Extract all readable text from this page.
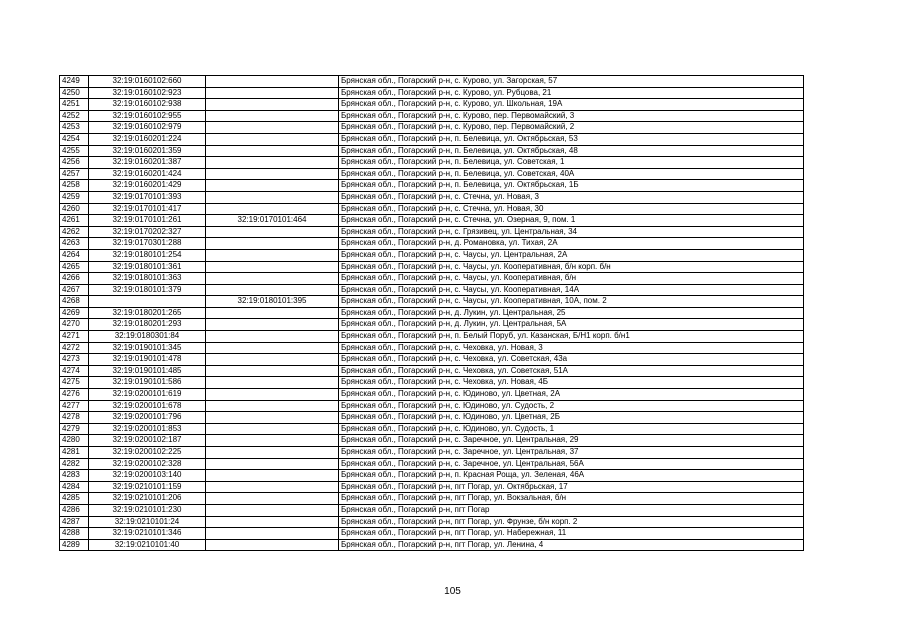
4249	32:19:0160102:660		Брянская обл., Погарский р-н, с. Курово, ул. Загорская, 57
4250	32:19:0160102:923		Брянская обл., Погарский р-н, с. Курово, ул. Рубцова, 21
4251	32:19:0160102:938		Брянская обл., Погарский р-н, с. Курово, ул. Школьная, 19А
4252	32:19:0160102:955		Брянская обл., Погарский р-н, с. Курово, пер. Первомайский, 3
4253	32:19:0160102:979		Брянская обл., Погарский р-н, с. Курово, пер. Первомайский, 2
4254	32:19:0160201:224		Брянская обл., Погарский р-н, п. Белевица, ул. Октябрьская, 53
4255	32:19:0160201:359		Брянская обл., Погарский р-н, п. Белевица, ул. Октябрьская, 48
4256	32:19:0160201:387		Брянская обл., Погарский р-н, п. Белевица, ул. Советская, 1
4257	32:19:0160201:424		Брянская обл., Погарский р-н, п. Белевица, ул. Советская, 40А
4258	32:19:0160201:429		Брянская обл., Погарский р-н, п. Белевица, ул. Октябрьская, 1Б
4259	32:19:0170101:393		Брянская обл., Погарский р-н, с. Стечна, ул. Новая, 3
4260	32:19:0170101:417		Брянская обл., Погарский р-н, с. Стечна, ул. Новая, 30
4261	32:19:0170101:261	32:19:0170101:464	Брянская обл., Погарский р-н, с. Стечна, ул. Озерная, 9, пом. 1
4262	32:19:0170202:327		Брянская обл., Погарский р-н, с. Грязивец, ул. Центральная, 34
4263	32:19:0170301:288		Брянская обл., Погарский р-н, д. Романовка, ул. Тихая, 2А
4264	32:19:0180101:254		Брянская обл., Погарский р-н, с. Чаусы, ул. Центральная, 2А
4265	32:19:0180101:361		Брянская обл., Погарский р-н, с. Чаусы, ул. Кооперативная, б/н корп. б/н
4266	32:19:0180101:363		Брянская обл., Погарский р-н, с. Чаусы, ул. Кооперативная, б/н
4267	32:19:0180101:379		Брянская обл., Погарский р-н, с. Чаусы, ул. Кооперативная, 14А
4268		32:19:0180101:395	Брянская обл., Погарский р-н, с. Чаусы, ул. Кооперативная, 10А, пом. 2
4269	32:19:0180201:265		Брянская обл., Погарский р-н, д. Лукин, ул. Центральная, 25
4270	32:19:0180201:293		Брянская обл., Погарский р-н, д. Лукин, ул. Центральная, 5А
4271	32:19:0180301:84		Брянская обл., Погарский р-н, п. Белый Поруб, ул. Казанская, Б/Н1 корп. б/н1
4272	32:19:0190101:345		Брянская обл., Погарский р-н, с. Чеховка, ул. Новая, 3
4273	32:19:0190101:478		Брянская обл., Погарский р-н, с. Чеховка, ул. Советская, 43а
4274	32:19:0190101:485		Брянская обл., Погарский р-н, с. Чеховка, ул. Советская, 51А
4275	32:19:0190101:586		Брянская обл., Погарский р-н, с. Чеховка, ул. Новая, 4Б
4276	32:19:0200101:619		Брянская обл., Погарский р-н, с. Юдиново, ул. Цветная, 2А
4277	32:19:0200101:678		Брянская обл., Погарский р-н, с. Юдиново, ул. Судость, 2
4278	32:19:0200101:796		Брянская обл., Погарский р-н, с. Юдиново, ул. Цветная, 2Б
4279	32:19:0200101:853		Брянская обл., Погарский р-н, с. Юдиново, ул. Судость, 1
4280	32:19:0200102:187		Брянская обл., Погарский р-н, с. Заречное, ул. Центральная, 29
4281	32:19:0200102:225		Брянская обл., Погарский р-н, с. Заречное, ул. Центральная, 37
4282	32:19:0200102:328		Брянская обл., Погарский р-н, с. Заречное, ул. Центральная, 56А
4283	32:19:0200103:140		Брянская обл., Погарский р-н, п. Красная Роща, ул. Зеленая, 46А
4284	32:19:0210101:159		Брянская обл., Погарский р-н, пгт Погар, ул. Октябрьская, 17
4285	32:19:0210101:206		Брянская обл., Погарский р-н, пгт Погар, ул. Вокзальная, б/н
4286	32:19:0210101:230		Брянская обл., Погарский р-н, пгт Погар
4287	32:19:0210101:24		Брянская обл., Погарский р-н, пгт Погар, ул. Фрунзе, б/н корп. 2
4288	32:19:0210101:346		Брянская обл., Погарский р-н, пгт Погар, ул. Набережная, 11
4289	32:19:0210101:40		Брянская обл., Погарский р-н, пгт Погар, ул. Ленина, 4
105
